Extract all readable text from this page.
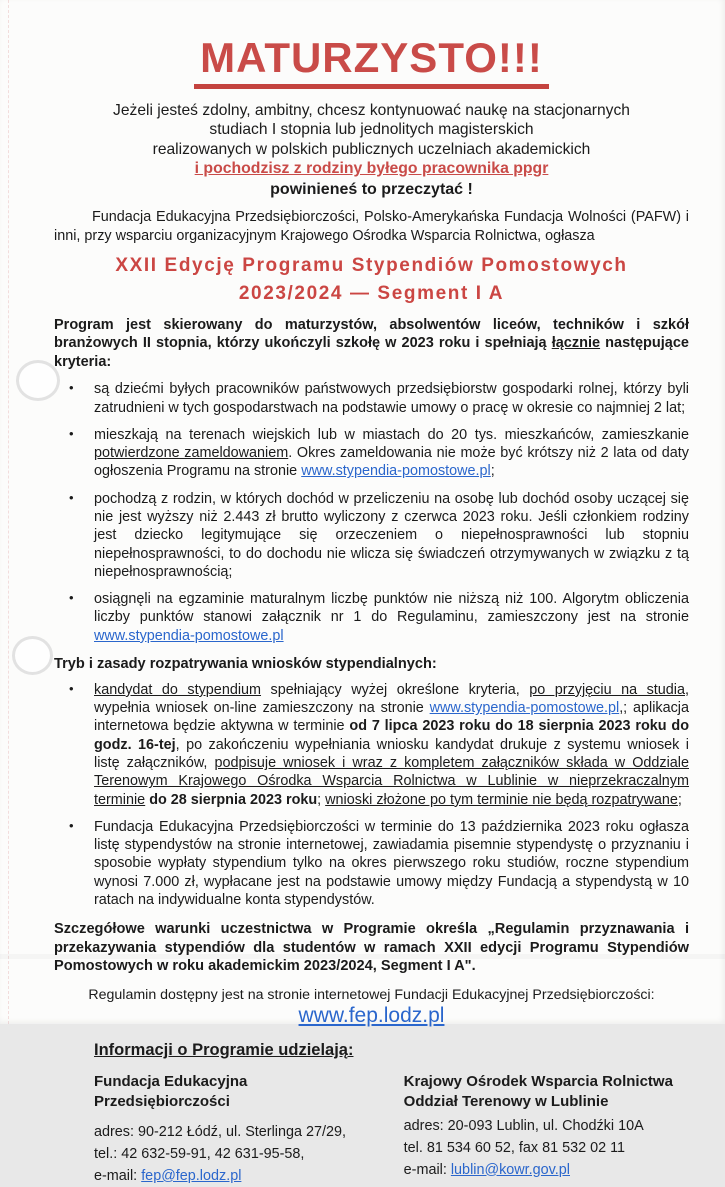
MATURZYSTO!!!
Jeżeli jesteś zdolny, ambitny, chcesz kontynuować naukę na stacjonarnych
studiach I stopnia lub jednolitych magisterskich
realizowanych w polskich publicznych uczelniach akademickich
i pochodzisz z rodziny byłego pracownika ppgr
powinieneś to przeczytać !

Fundacja Edukacyjna Przedsiębiorczości, Polsko-Amerykańska Fundacja Wolności (PAFW) i inni, przy wsparciu organizacyjnym Krajowego Ośrodka Wsparcia Rolnictwa, ogłasza

XXII Edycję Programu Stypendiów Pomostowych
2023/2024 — Segment I A

Program jest skierowany do maturzystów, absolwentów liceów, techników i szkół branżowych II stopnia, którzy ukończyli szkołę w 2023 roku i spełniają łącznie następujące kryteria:

• są dziećmi byłych pracowników państwowych przedsiębiorstw gospodarki rolnej, którzy byli zatrudnieni w tych gospodarstwach na podstawie umowy o pracę w okresie co najmniej 2 lat;
• mieszkają na terenach wiejskich lub w miastach do 20 tys. mieszkańców, zamieszkanie potwierdzone zameldowaniem. Okres zameldowania nie może być krótszy niż 2 lata od daty ogłoszenia Programu na stronie www.stypendia-pomostowe.pl;
• pochodzą z rodzin, w których dochód w przeliczeniu na osobę lub dochód osoby uczącej się nie jest wyższy niż 2.443 zł brutto wyliczony z czerwca 2023 roku. Jeśli członkiem rodziny jest dziecko legitymujące się orzeczeniem o niepełnosprawności lub stopniu niepełnosprawności, to do dochodu nie wlicza się świadczeń otrzymywanych w związku z tą niepełnosprawnością;
• osiągnęli na egzaminie maturalnym liczbę punktów nie niższą niż 100. Algorytm obliczenia liczby punktów stanowi załącznik nr 1 do Regulaminu, zamieszczony jest na stronie www.stypendia-pomostowe.pl

Tryb i zasady rozpatrywania wniosków stypendialnych:

• kandydat do stypendium spełniający wyżej określone kryteria, po przyjęciu na studia, wypełnia wniosek on-line zamieszczony na stronie www.stypendia-pomostowe.pl,; aplikacja internetowa będzie aktywna w terminie od 7 lipca 2023 roku do 18 sierpnia 2023 roku do godz. 16-tej, po zakończeniu wypełniania wniosku kandydat drukuje z systemu wniosek i listę załączników, podpisuje wniosek i wraz z kompletem załączników składa w Oddziale Terenowym Krajowego Ośrodka Wsparcia Rolnictwa w Lublinie w nieprzekraczalnym terminie do 28 sierpnia 2023 roku; wnioski złożone po tym terminie nie będą rozpatrywane;
• Fundacja Edukacyjna Przedsiębiorczości w terminie do 13 października 2023 roku ogłasza listę stypendystów na stronie internetowej, zawiadamia pisemnie stypendystę o przyznaniu i sposobie wypłaty stypendium tylko na okres pierwszego roku studiów, roczne stypendium wynosi 7.000 zł, wypłacane jest na podstawie umowy między Fundacją a stypendystą w 10 ratach na indywidualne konta stypendystów.

Szczegółowe warunki uczestnictwa w Programie określa „Regulamin przyznawania i przekazywania stypendiów dla studentów w ramach XXII edycji Programu Stypendiów Pomostowych w roku akademickim 2023/2024, Segment I A".

Regulamin dostępny jest na stronie internetowej Fundacji Edukacyjnej Przedsiębiorczości:

www.fep.lodz.pl

Informacji o Programie udzielają:

Fundacja Edukacyjna Przedsiębiorczości
adres: 90-212 Łódź, ul. Sterlinga 27/29,
tel.: 42 632-59-91, 42 631-95-58,
e-mail: fep@fep.lodz.pl
Krajowy Ośrodek Wsparcia Rolnictwa
Oddział Terenowy w Lublinie
adres: 20-093 Lublin, ul. Chodźki 10A
tel. 81 534 60 52, fax 81 532 02 11
e-mail: lublin@kowr.gov.pl
